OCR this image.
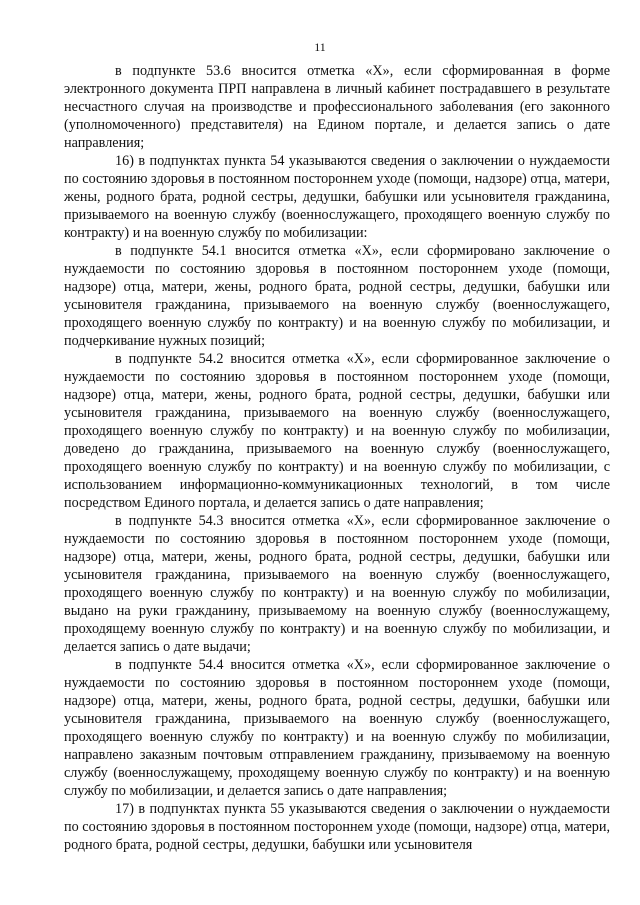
11

в подпункте 53.6 вносится отметка «Х», если сформированная в форме электронного документа ПРП направлена в личный кабинет пострадавшего в результате несчастного случая на производстве и профессионального заболевания (его законного (уполномоченного) представителя) на Едином портале, и делается запись о дате направления;

16) в подпунктах пункта 54 указываются сведения о заключении о нуждаемости по состоянию здоровья в постоянном постороннем уходе (помощи, надзоре) отца, матери, жены, родного брата, родной сестры, дедушки, бабушки или усыновителя гражданина, призываемого на военную службу (военнослужащего, проходящего военную службу по контракту) и на военную службу по мобилизации:

в подпункте 54.1 вносится отметка «Х», если сформировано заключение о нуждаемости по состоянию здоровья в постоянном постороннем уходе (помощи, надзоре) отца, матери, жены, родного брата, родной сестры, дедушки, бабушки или усыновителя гражданина, призываемого на военную службу (военнослужащего, проходящего военную службу по контракту) и на военную службу по мобилизации, и подчеркивание нужных позиций;

в подпункте 54.2 вносится отметка «Х», если сформированное заключение о нуждаемости по состоянию здоровья в постоянном постороннем уходе (помощи, надзоре) отца, матери, жены, родного брата, родной сестры, дедушки, бабушки или усыновителя гражданина, призываемого на военную службу (военнослужащего, проходящего военную службу по контракту) и на военную службу по мобилизации, доведено до гражданина, призываемого на военную службу (военнослужащего, проходящего военную службу по контракту) и на военную службу по мобилизации, с использованием информационно-коммуникационных технологий, в том числе посредством Единого портала, и делается запись о дате направления;

в подпункте 54.3 вносится отметка «Х», если сформированное заключение о нуждаемости по состоянию здоровья в постоянном постороннем уходе (помощи, надзоре) отца, матери, жены, родного брата, родной сестры, дедушки, бабушки или усыновителя гражданина, призываемого на военную службу (военнослужащего, проходящего военную службу по контракту) и на военную службу по мобилизации, выдано на руки гражданину, призываемому на военную службу (военнослужащему, проходящему военную службу по контракту) и на военную службу по мобилизации, и делается запись о дате выдачи;

в подпункте 54.4 вносится отметка «Х», если сформированное заключение о нуждаемости по состоянию здоровья в постоянном постороннем уходе (помощи, надзоре) отца, матери, жены, родного брата, родной сестры, дедушки, бабушки или усыновителя гражданина, призываемого на военную службу (военнослужащего, проходящего военную службу по контракту) и на военную службу по мобилизации, направлено заказным почтовым отправлением гражданину, призываемому на военную службу (военнослужащему, проходящему военную службу по контракту) и на военную службу по мобилизации, и делается запись о дате направления;

17) в подпунктах пункта 55 указываются сведения о заключении о нуждаемости по состоянию здоровья в постоянном постороннем уходе (помощи, надзоре) отца, матери, родного брата, родной сестры, дедушки, бабушки или усыновителя
